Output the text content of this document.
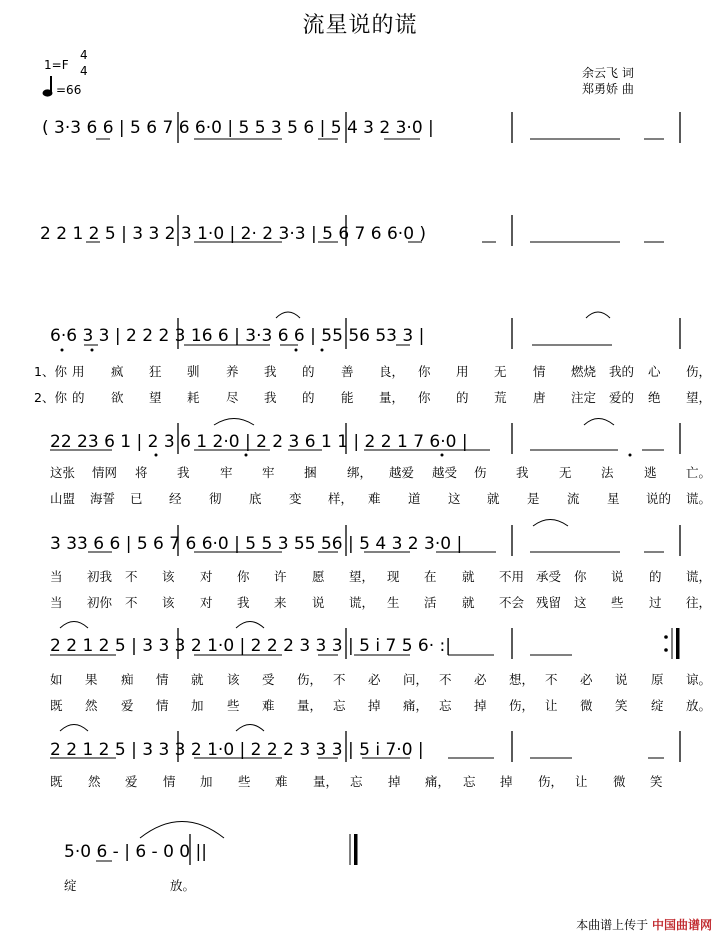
流星说的谎
1=F
4
4
=66
余云飞 词
郑勇娇 曲
( 3·3 6 6 | 5 6 7 6 6·0 | 5 5 3 5 6 | 5 4 3 2 3·0 |
2 2 1 2 5 | 3 3 2 3 1·0 | 2· 2 3·3 | 5 6 7 6 6·0 )
6·6 3 3 | 2 2 2 3 16 6 | 3·3 6 6 | 55 56 53 3 |
22 23 6 1 | 2 3 6 1 2·0 | 2 2 3 6 1 1 | 2 2 1 7 6·0 |
3 33 6 6 | 5 6 7 6 6·0 | 5 5 3 55 56 | 5 4 3 2 3·0 |
2 2 1 2 5 | 3 3 3 2 1·0 | 2 2 2 3 3 3 | 5 i 7 5 6· :|
2 2 1 2 5 | 3 3 3 2 1·0 | 2 2 2 3 3 3 | 5 i 7·0 |
5·0 6 - | 6 - 0 0 ||
1、你 用 疯 狂 驯 养 我 的 善 良， 你 用 无 情 燃烧 我的 心 伤，
2、你 的 欲 望 耗 尽 我 的 能 量， 你 的 荒 唐 注定 爱的 绝 望，
这张 情网 将 我 牢 牢 捆 绑， 越爱 越受 伤 我 无 法 逃 亡。
山盟 海誓 已 经 彻 底 变 样， 难 道 这 就 是 流 星 说的 谎。
当 初我 不 该 对 你 许 愿 望， 现 在 就 不用 承受 你 说 的 谎，
当 初你 不 该 对 我 来 说 谎， 生 活 就 不会 残留 这 些 过 往，
如 果 痴 情 就 该 受 伤， 不 必 问， 不 必 想， 不 必 说 原 谅。
既 然 爱 情 加 些 难 量， 忘 掉 痛， 忘 掉 伤， 让 微 笑 绽 放。
既 然 爱 情 加 些 难 量， 忘 掉 痛， 忘 掉 伤， 让 微 笑
绽	放。
本曲谱上传于 中国曲谱网
